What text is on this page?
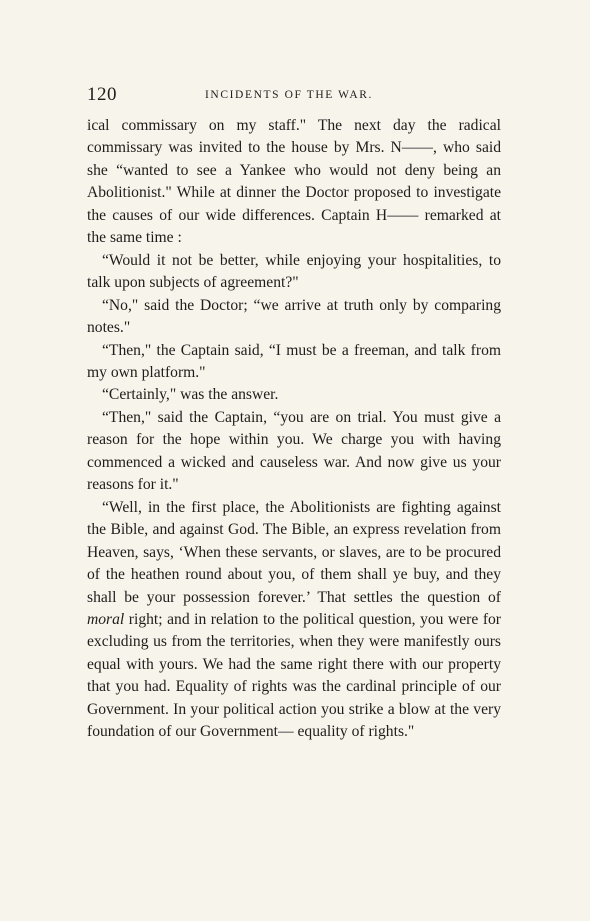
120	INCIDENTS OF THE WAR.

ical commissary on my staff." The next day the radical commissary was invited to the house by Mrs. N——, who said she “wanted to see a Yankee who would not deny being an Abolitionist." While at dinner the Doctor proposed to investigate the causes of our wide differences. Captain H—— remarked at the same time :

“Would it not be better, while enjoying your hospitalities, to talk upon subjects of agreement?"

“No," said the Doctor; “we arrive at truth only by comparing notes."

“Then," the Captain said, “I must be a freeman, and talk from my own platform."

“Certainly," was the answer.

“Then," said the Captain, “you are on trial. You must give a reason for the hope within you. We charge you with having commenced a wicked and causeless war. And now give us your reasons for it."

“Well, in the first place, the Abolitionists are fighting against the Bible, and against God. The Bible, an express revelation from Heaven, says, ‘When these servants, or slaves, are to be procured of the heathen round about you, of them shall ye buy, and they shall be your possession forever.’ That settles the question of moral right; and in relation to the political question, you were for excluding us from the territories, when they were manifestly ours equal with yours. We had the same right there with our property that you had. Equality of rights was the cardinal principle of our Government. In your political action you strike a blow at the very foundation of our Government— equality of rights."
